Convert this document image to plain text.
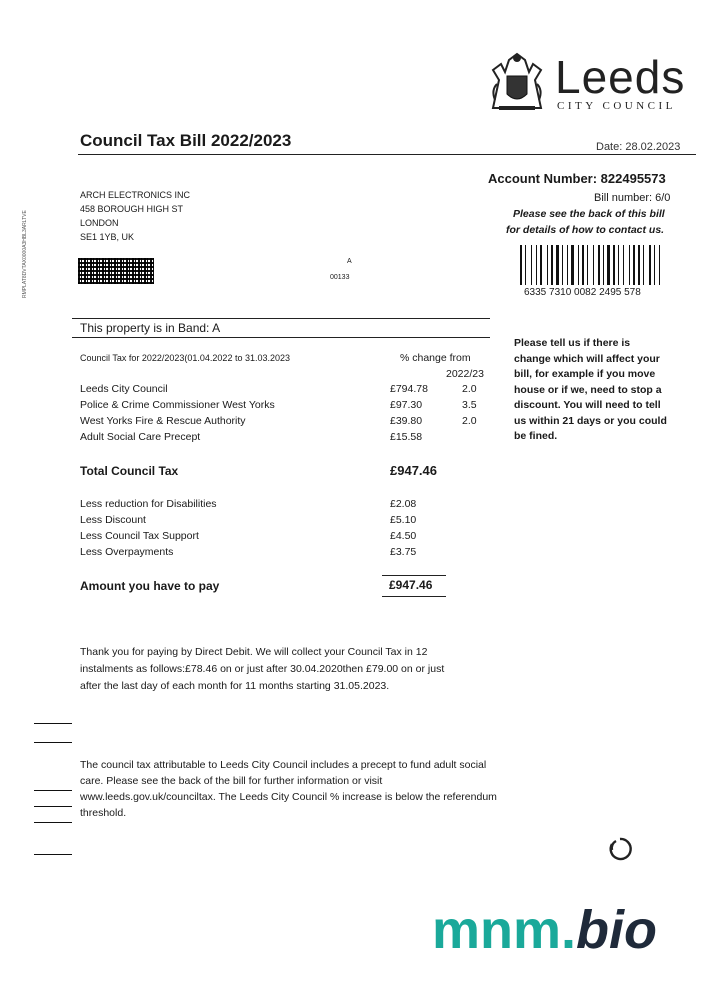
Leeds
CITY COUNCIL
RMPLAT8DVTAX0000A3HBL3ARLTVE
Council Tax Bill 2022/2023	Date: 28.02.2023
ARCH ELECTRONICS INC
458 BOROUGH HIGH ST
LONDON
SE1 1YB, UK
A
00133
Account Number: 822495573
Bill number: 6/0
Please see the back of this bill
for details of how to contact us.
6335 7310 0082 2495 578
This property is in Band: A
Council Tax for 2022/2023(01.04.2022 to 31.03.2023	% change from
2022/23
Leeds City Council	£794.78	2.0
Police & Crime Commissioner West Yorks	£97.30	3.5
West Yorks Fire & Rescue Authority	£39.80	2.0
Adult Social Care Precept	£15.58
Total Council Tax	£947.46
Less reduction for Disabilities	£2.08
Less Discount	£5.10
Less Council Tax Support	£4.50
Less Overpayments	£3.75
Amount you have to pay	£947.46
Please tell us if there is
change which will affect your
bill, for example if you move
house or if we, need to stop a
discount. You will need to tell
us within 21 days or you could
be fined.
Thank you for paying by Direct Debit. We will collect your Council Tax in 12
instalments as follows:£78.46 on or just after 30.04.2020then £79.00 on or just
after the last day of each month for 11 months starting 31.05.2023.
The council tax attributable to Leeds City Council includes a precept to fund adult social
care. Please see the back of the bill for further information or visit
www.leeds.gov.uk/counciltax. The Leeds City Council % increase is below the referendum
threshold.
mnm.bio
